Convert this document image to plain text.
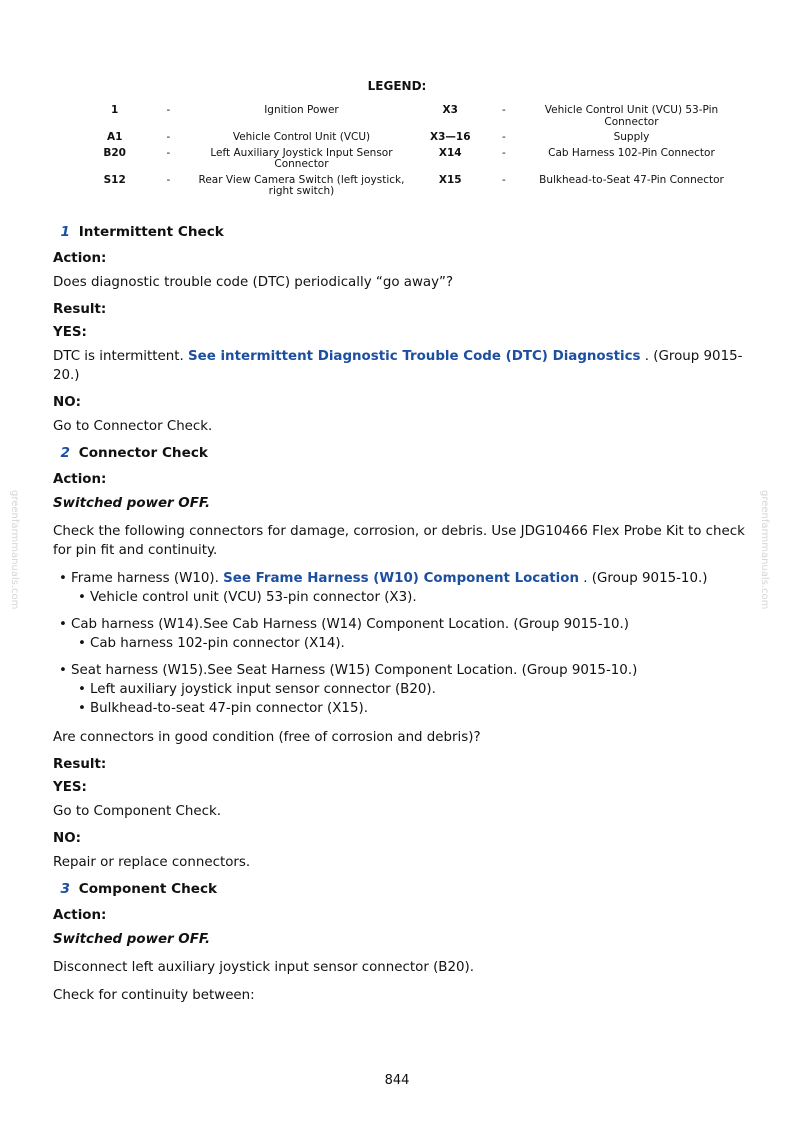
greenfarmmanuals.com	greenfarmmanuals.com
LEGEND:
1	-	Ignition Power	X3	-	Vehicle Control Unit (VCU) 53-Pin Connector
A1	-	Vehicle Control Unit (VCU)	X3—16	-	Supply
B20	-	Left Auxiliary Joystick Input Sensor Connector	X14	-	Cab Harness 102-Pin Connector
S12	-	Rear View Camera Switch (left joystick, right switch)	X15	-	Bulkhead-to-Seat 47-Pin Connector
1 Intermittent Check
Action:
Does diagnostic trouble code (DTC) periodically “go away”?
Result:
YES:
DTC is intermittent. See intermittent Diagnostic Trouble Code (DTC) Diagnostics . (Group 9015-20.)
NO:
Go to Connector Check.
2 Connector Check
Action:
Switched power OFF.
Check the following connectors for damage, corrosion, or debris. Use JDG10466 Flex Probe Kit to check for pin fit and continuity.
• Frame harness (W10). See Frame Harness (W10) Component Location . (Group 9015-10.)
• Vehicle control unit (VCU) 53-pin connector (X3).
• Cab harness (W14).See Cab Harness (W14) Component Location. (Group 9015-10.)
• Cab harness 102-pin connector (X14).
• Seat harness (W15).See Seat Harness (W15) Component Location. (Group 9015-10.)
• Left auxiliary joystick input sensor connector (B20).
• Bulkhead-to-seat 47-pin connector (X15).
Are connectors in good condition (free of corrosion and debris)?
Result:
YES:
Go to Component Check.
NO:
Repair or replace connectors.
3 Component Check
Action:
Switched power OFF.
Disconnect left auxiliary joystick input sensor connector (B20).
Check for continuity between:
844
